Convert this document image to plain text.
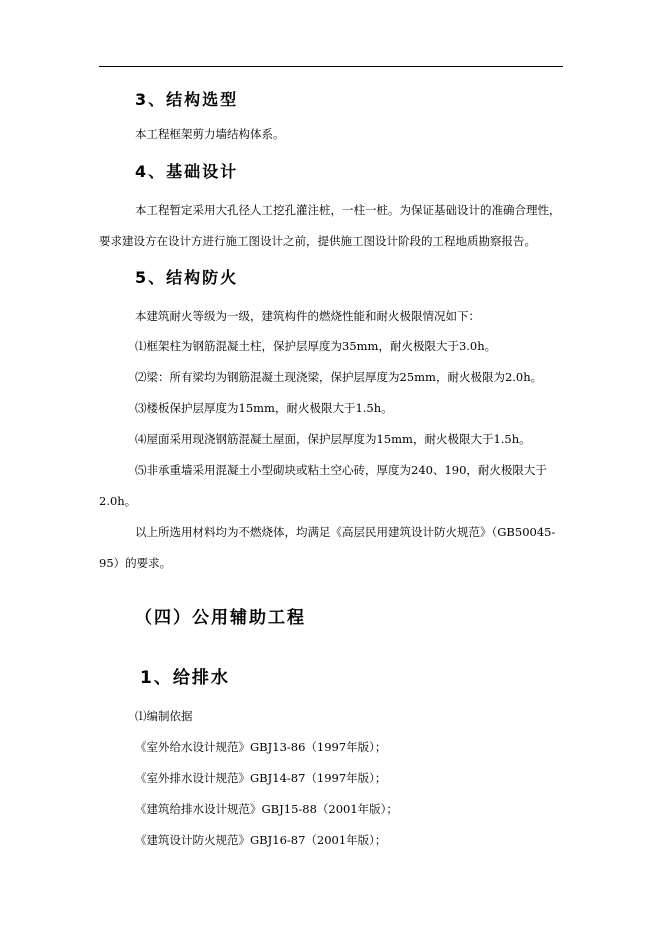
3、结构选型
本工程框架剪力墙结构体系。
4、基础设计
本工程暂定采用大孔径人工挖孔灌注桩，一柱一桩。为保证基础设计的准确合理性，
要求建设方在设计方进行施工图设计之前，提供施工图设计阶段的工程地质勘察报告。
5、结构防火
本建筑耐火等级为一级，建筑构件的燃烧性能和耐火极限情况如下：
⑴框架柱为钢筋混凝土柱，保护层厚度为35mm，耐火极限大于3.0h。
⑵梁：所有梁均为钢筋混凝土现浇梁，保护层厚度为25mm，耐火极限为2.0h。
⑶楼板保护层厚度为15mm，耐火极限大于1.5h。
⑷屋面采用现浇钢筋混凝土屋面，保护层厚度为15mm，耐火极限大于1.5h。
⑸非承重墙采用混凝土小型砌块或粘土空心砖，厚度为240、190，耐火极限大于
2.0h。
以上所选用材料均为不燃烧体，均满足《高层民用建筑设计防火规范》（GB50045-
95）的要求。
（四）公用辅助工程
1、给排水
⑴编制依据
《室外给水设计规范》GBJ13-86（1997年版）；
《室外排水设计规范》GBJ14-87（1997年版）；
《建筑给排水设计规范》GBJ15-88（2001年版）；
《建筑设计防火规范》GBJ16-87（2001年版）；
